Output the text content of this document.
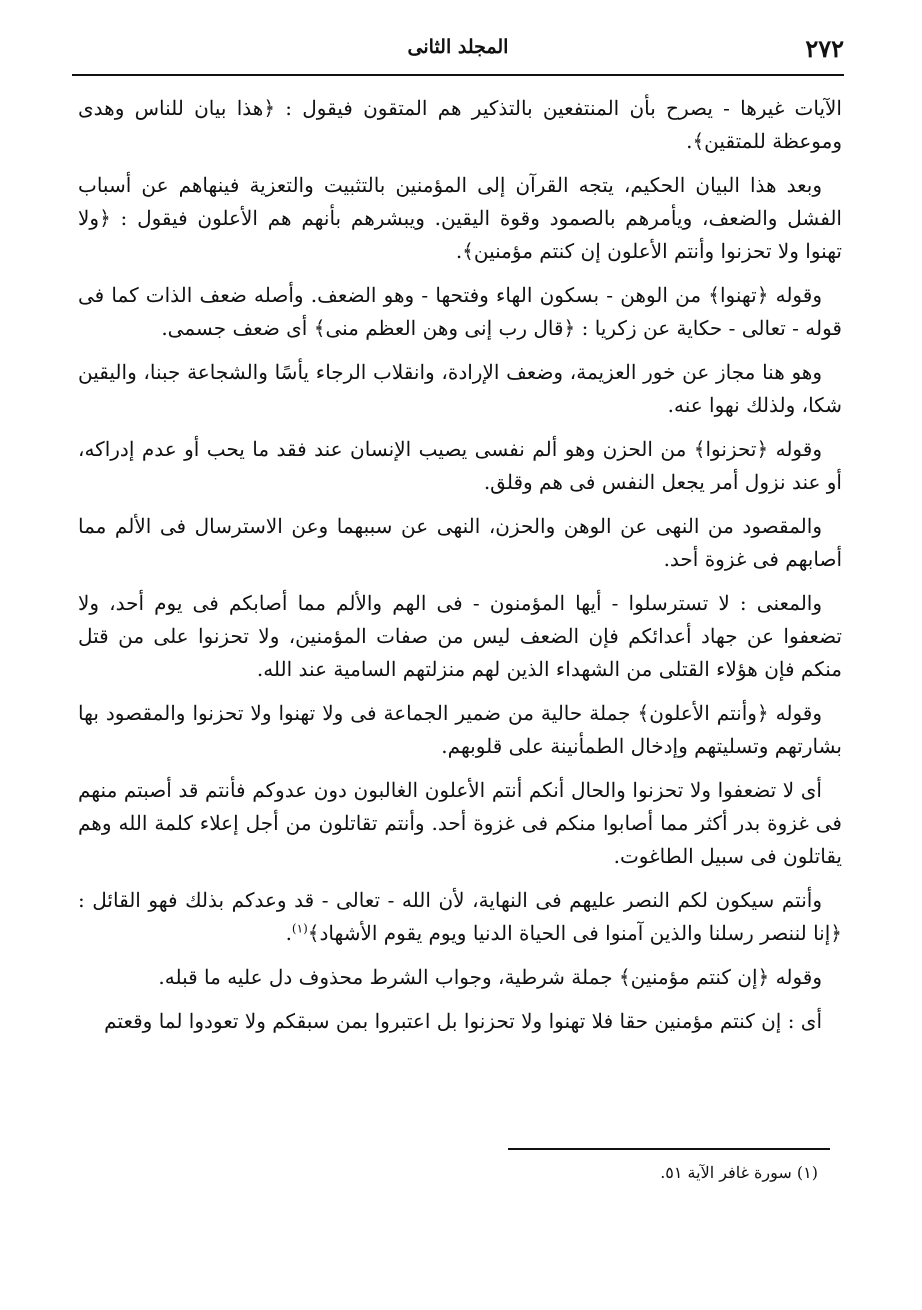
٢٧٢
المجلد الثانى

الآيات غيرها - يصرح بأن المنتفعين بالتذكير هم المتقون فيقول : ﴿هذا بيان للناس وهدى وموعظة للمتقين﴾.

وبعد هذا البيان الحكيم، يتجه القرآن إلى المؤمنين بالتثبيت والتعزية فينهاهم عن أسباب الفشل والضعف، ويأمرهم بالصمود وقوة اليقين. ويبشرهم بأنهم هم الأعلون فيقول : ﴿ولا تهنوا ولا تحزنوا وأنتم الأعلون إن كنتم مؤمنين﴾.

وقوله ﴿تهنوا﴾ من الوهن - بسكون الهاء وفتحها - وهو الضعف. وأصله ضعف الذات كما فى قوله - تعالى - حكاية عن زكريا : ﴿قال رب إنى وهن العظم منى﴾ أى ضعف جسمى.

وهو هنا مجاز عن خور العزيمة، وضعف الإرادة، وانقلاب الرجاء يأسًا والشجاعة جبنا، واليقين شكا، ولذلك نهوا عنه.

وقوله ﴿تحزنوا﴾ من الحزن وهو ألم نفسى يصيب الإنسان عند فقد ما يحب أو عدم إدراكه، أو عند نزول أمر يجعل النفس فى هم وقلق.

والمقصود من النهى عن الوهن والحزن، النهى عن سببهما وعن الاسترسال فى الألم مما أصابهم فى غزوة أحد.

والمعنى : لا تسترسلوا - أيها المؤمنون - فى الهم والألم مما أصابكم فى يوم أحد، ولا تضعفوا عن جهاد أعدائكم فإن الضعف ليس من صفات المؤمنين، ولا تحزنوا على من قتل منكم فإن هؤلاء القتلى من الشهداء الذين لهم منزلتهم السامية عند الله.

وقوله ﴿وأنتم الأعلون﴾ جملة حالية من ضمير الجماعة فى ولا تهنوا ولا تحزنوا والمقصود بها بشارتهم وتسليتهم وإدخال الطمأنينة على قلوبهم.

أى لا تضعفوا ولا تحزنوا والحال أنكم أنتم الأعلون الغالبون دون عدوكم فأنتم قد أصبتم منهم فى غزوة بدر أكثر مما أصابوا منكم فى غزوة أحد. وأنتم تقاتلون من أجل إعلاء كلمة الله وهم يقاتلون فى سبيل الطاغوت.

وأنتم سيكون لكم النصر عليهم فى النهاية، لأن الله - تعالى - قد وعدكم بذلك فهو القائل : ﴿إنا لننصر رسلنا والذين آمنوا فى الحياة الدنيا ويوم يقوم الأشهاد﴾$^{(١)}$.

وقوله ﴿إن كنتم مؤمنين﴾ جملة شرطية، وجواب الشرط محذوف دل عليه ما قبله.

أى : إن كنتم مؤمنين حقا فلا تهنوا ولا تحزنوا بل اعتبروا بمن سبقكم ولا تعودوا لما وقعتم

(١) سورة غافر الآية ٥١.
